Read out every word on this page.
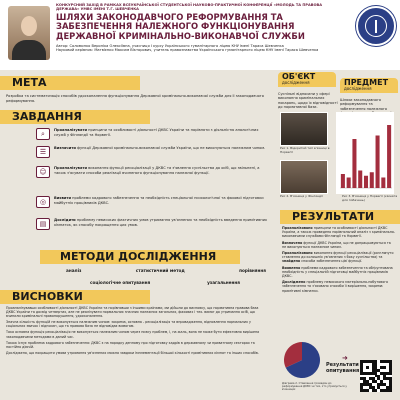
КОНКУРСНИЙ ЗАХІД В РАМКАХ ВСЕУКРАЇНСЬКОЇ СТУДЕНТСЬКОЇ НАУКОВО-ПРАКТИЧНОЇ КОНФЕРЕНЦІЇ «МОЛОДЬ ТА ПРАВОВА ДЕРЖАВА» УМВС ІМЕНІ Т.Г. ШЕВЧЕНКА
ШЛЯХИ ЗАКОНОДАВЧОГО РЕФОРМУВАННЯ ТА ЗАБЕЗПЕЧЕННЯ НАЛЕЖНОГО ФУНКЦІОНУВАННЯ ДЕРЖАВНОЇ КРИМІНАЛЬНО-ВИКОНАВЧОЇ СЛУЖБИ
Автор: Соломонко Вероніка Олексіївна, учасниця I курсу Українського гуманітарного ліцею КНУ імені Тараса Шевченка
Науковий керівник: Матвієнко Максим Вікторович, учитель правознавства Українського гуманітарного ліцею КНУ імені Тараса Шевченка
МЕТА
Розробка та систематизація способів удосконалення функціонування Державної кримінально-виконавчої служби для її законодавчого реформування.
ЗАВДАННЯ
⌕	Проаналізувати принципи та особливості діяльності ДКВС України та порівняти з діяльністю аналогічних служб у Фінляндії та Норвегії.
☰	Визначити функції Державної кримінально-виконавчої служби України, що не виконуються належним чином.
☺	Проаналізувати виконання функції ресоціалізації у ДКВС та з'явлення суспільства до осіб, що звільнені, а також з'ясувати способи реалізації вчиненого функціонування належної функції.
◎	Виявити проблеми кадрового забезпечення та необхідність спеціальної психологічної та фахової підготовки майбутніх працівників ДКВС.
▤	Дослідити проблему невисоких фактичних умов утримання ув'язнених та необхідність введення примітивних кімнаток, як способу покращення цих умов.
МЕТОДИ ДОСЛІДЖЕННЯ
аналіз	статистичний метод	порівняння
соціологічне опитування	узагальнення
ВИСНОВКИ

Проаналізувавши особливості діяльності ДКВС України та порівнявши з іншими країнами, ми дійшли до висновку, що нормативна правова база ДКВС України та досвід четвертих, але не реалізувати нормальних значних належних загальних, фахових і тех. вимог до утримання осіб, що вчинили кримінальні правопорушення, удосконалення.

Значна кількість функцій не виконується належним чином: зокрема, основна - ресоціалізація та впровадження, відновлення нормальних у соціальних звичок і відносин, що та правова база не відповідає вимогам.

Така основна функція ресоціалізація не виконується належним чином через низку проблем, і, на жаль, вона не може бути ефективно вирішена законодавчими методами в даний час.

Також існує проблема кадрового забезпечення: ДКВС є на порядку денному про підготовку кадрів в державному чи приватному секторах та постійно діючій.

Досліджено, що покращити умови утримання ув'язнених можна завдяки імплементації більшої кількості примітивних кімнат та інших способів.

ОБ'ЄКТ
дослідження
Суспільні відносини у сфері виконання кримінальних покарань, щодо їх відповідності до нормативної бази.
ПРЕДМЕТ
дослідження
Шляхи законодавчого реформування та забезпечення належного
Рис 1. Відкритий тип в'язниці в Норвегії
Рис 2. В'язниця у Фінляндії	Рис 3. В'язниця у Норвегії (кімната для побачень)
РЕЗУЛЬТАТИ

Проаналізовано принципи та особливості діяльності ДКВС України, а також проведено порівняльний аналіз з кримінально-виконавчими службами Фінляндії та Норвегії.

Визначено функції ДКВС України, що не допрацьовуються та не виконуються належним чином.

Проаналізовано виконання функції ресоціалізації (розглянуто ставлення до колишніх ув'язнених з боку суспільства) та знайдено способи забезпечення цієї функції.

Виявлено проблеми кадрового забезпечення та обґрунтована необхідність у спеціальній підготовці майбутніх працівників ДКВС.

Досліджено проблему невисокого матеріально-побутового забезпечення та з'ясовано способи її вирішення, зокрема примітивні кімнатки.

Діаграма 2. Ставлення громадян до реформування ДКВС чи тих, хто утримується у в'язницях
Результати опитування
➜
